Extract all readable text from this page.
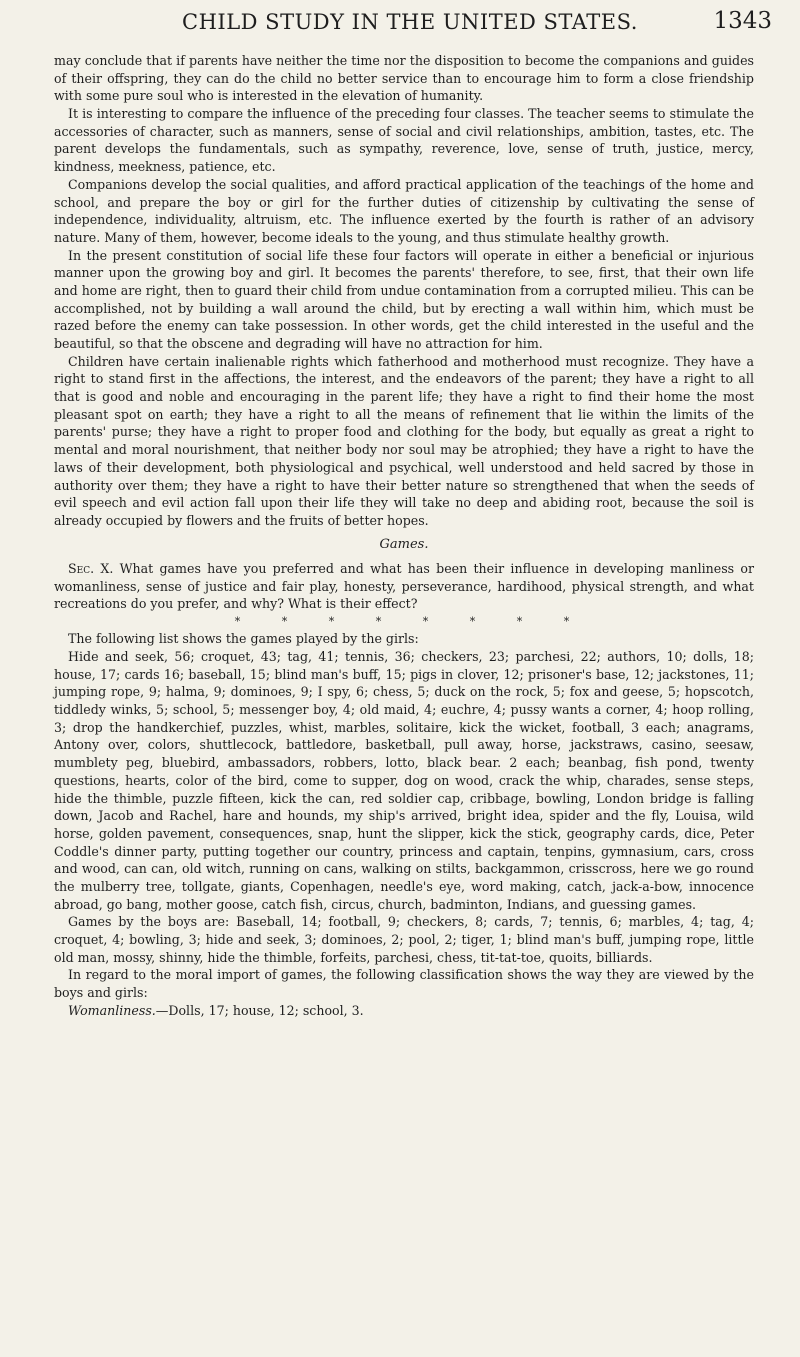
CHILD STUDY IN THE UNITED STATES.	1343

may conclude that if parents have neither the time nor the disposition to become the companions and guides of their offspring, they can do the child no better service than to encourage him to form a close friendship with some pure soul who is interested in the elevation of humanity.

It is interesting to compare the influence of the preceding four classes. The teacher seems to stimulate the accessories of character, such as manners, sense of social and civil relationships, ambition, tastes, etc. The parent develops the fundamentals, such as sympathy, reverence, love, sense of truth, justice, mercy, kindness, meekness, patience, etc.

Companions develop the social qualities, and afford practical application of the teachings of the home and school, and prepare the boy or girl for the further duties of citizenship by cultivating the sense of independence, individuality, altruism, etc. The influence exerted by the fourth is rather of an advisory nature. Many of them, however, become ideals to the young, and thus stimulate healthy growth.

In the present constitution of social life these four factors will operate in either a beneficial or injurious manner upon the growing boy and girl. It becomes the parents' therefore, to see, first, that their own life and home are right, then to guard their child from undue contamination from a corrupted milieu. This can be accomplished, not by building a wall around the child, but by erecting a wall within him, which must be razed before the enemy can take possession. In other words, get the child interested in the useful and the beautiful, so that the obscene and degrading will have no attraction for him.

Children have certain inalienable rights which fatherhood and motherhood must recognize. They have a right to stand first in the affections, the interest, and the endeavors of the parent; they have a right to all that is good and noble and encouraging in the parent life; they have a right to find their home the most pleasant spot on earth; they have a right to all the means of refinement that lie within the limits of the parents' purse; they have a right to proper food and clothing for the body, but equally as great a right to mental and moral nourishment, that neither body nor soul may be atrophied; they have a right to have the laws of their development, both physiological and psychical, well understood and held sacred by those in authority over them; they have a right to have their better nature so strengthened that when the seeds of evil speech and evil action fall upon their life they will take no deep and abiding root, because the soil is already occupied by flowers and the fruits of better hopes.

Games.

Sec. X. What games have you preferred and what has been their influence in developing manliness or womanliness, sense of justice and fair play, honesty, perseverance, hardihood, physical strength, and what recreations do you prefer, and why? What is their effect?

* * * * * * * *

The following list shows the games played by the girls:

Hide and seek, 56; croquet, 43; tag, 41; tennis, 36; checkers, 23; parchesi, 22; authors, 10; dolls, 18; house, 17; cards 16; baseball, 15; blind man's buff, 15; pigs in clover, 12; prisoner's base, 12; jackstones, 11; jumping rope, 9; halma, 9; dominoes, 9; I spy, 6; chess, 5; duck on the rock, 5; fox and geese, 5; hopscotch, tiddledy winks, 5; school, 5; messenger boy, 4; old maid, 4; euchre, 4; pussy wants a corner, 4; hoop rolling, 3; drop the handkerchief, puzzles, whist, marbles, solitaire, kick the wicket, football, 3 each; anagrams, Antony over, colors, shuttlecock, battledore, basketball, pull away, horse, jackstraws, casino, seesaw, mumblety peg, bluebird, ambassadors, robbers, lotto, black bear. 2 each; beanbag, fish pond, twenty questions, hearts, color of the bird, come to supper, dog on wood, crack the whip, charades, sense steps, hide the thimble, puzzle fifteen, kick the can, red soldier cap, cribbage, bowling, London bridge is falling down, Jacob and Rachel, hare and hounds, my ship's arrived, bright idea, spider and the fly, Louisa, wild horse, golden pavement, consequences, snap, hunt the slipper, kick the stick, geography cards, dice, Peter Coddle's dinner party, putting together our country, princess and captain, tenpins, gymnasium, cars, cross and wood, can can, old witch, running on cans, walking on stilts, backgammon, crisscross, here we go round the mulberry tree, tollgate, giants, Copenhagen, needle's eye, word making, catch, jack-a-bow, innocence abroad, go bang, mother goose, catch fish, circus, church, badminton, Indians, and guessing games.

Games by the boys are: Baseball, 14; football, 9; checkers, 8; cards, 7; tennis, 6; marbles, 4; tag, 4; croquet, 4; bowling, 3; hide and seek, 3; dominoes, 2; pool, 2; tiger, 1; blind man's buff, jumping rope, little old man, mossy, shinny, hide the thimble, forfeits, parchesi, chess, tit-tat-toe, quoits, billiards.

In regard to the moral import of games, the following classification shows the way they are viewed by the boys and girls:

Womanliness.—Dolls, 17; house, 12; school, 3.
